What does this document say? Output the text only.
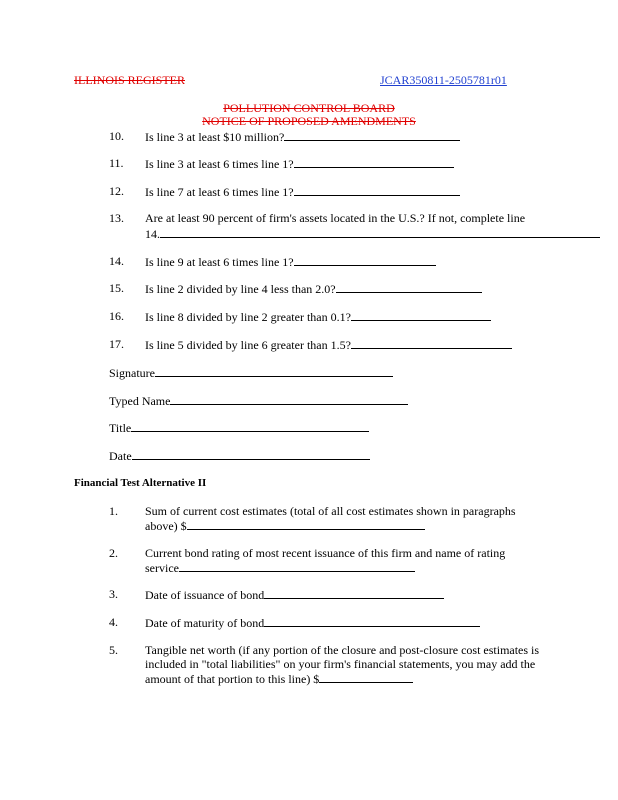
ILLINOIS REGISTER	JCAR350811-2505781r01
POLLUTION CONTROL BOARD
NOTICE OF PROPOSED AMENDMENTS
10. Is line 3 at least $10 million?
11. Is line 3 at least 6 times line 1?
12. Is line 7 at least 6 times line 1?
13. Are at least 90 percent of firm's assets located in the U.S.? If not, complete line
14.
14. Is line 9 at least 6 times line 1?
15. Is line 2 divided by line 4 less than 2.0?
16. Is line 8 divided by line 2 greater than 0.1?
17. Is line 5 divided by line 6 greater than 1.5?
Signature
Typed Name
Title
Date
Financial Test Alternative II
1. Sum of current cost estimates (total of all cost estimates shown in paragraphs
above) $
2. Current bond rating of most recent issuance of this firm and name of rating
service
3. Date of issuance of bond
4. Date of maturity of bond
5. Tangible net worth (if any portion of the closure and post-closure cost estimates is
included in "total liabilities" on your firm's financial statements, you may add the
amount of that portion to this line) $
